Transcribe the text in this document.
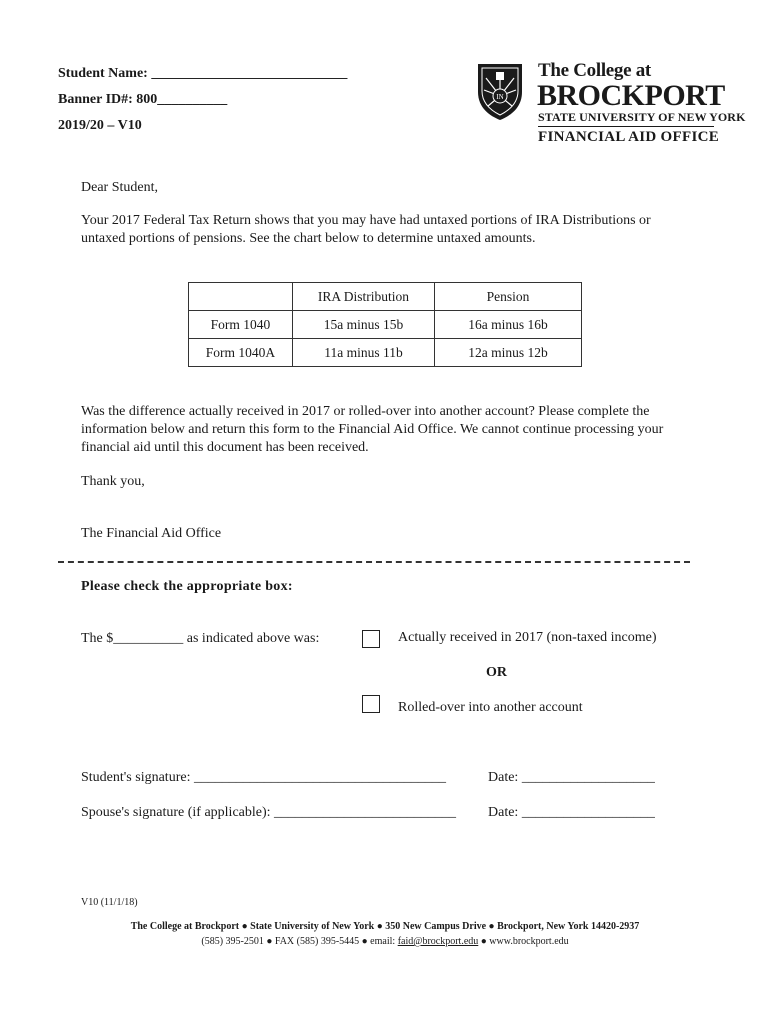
Student Name: ____________________________
Banner ID#: 800__________
2019/20 – V10
IN
The College at
BROCKPORT
STATE UNIVERSITY OF NEW YORK
FINANCIAL AID OFFICE
Dear Student,
Your 2017 Federal Tax Return shows that you may have had untaxed portions of IRA Distributions or untaxed portions of pensions. See the chart below to determine untaxed amounts.
	IRA Distribution	Pension
Form 1040	15a minus 15b	16a minus 16b
Form 1040A	11a minus 11b	12a minus 12b
Was the difference actually received in 2017 or rolled-over into another account? Please complete the information below and return this form to the Financial Aid Office. We cannot continue processing your financial aid until this document has been received.
Thank you,
The Financial Aid Office
Please check the appropriate box:
The $__________ as indicated above was:	Actually received in 2017 (non-taxed income)
OR
Rolled-over into another account
Student's signature: ____________________________________	Date: ___________________
Spouse's signature (if applicable): __________________________ Date: ___________________
V10 (11/1/18)
The College at Brockport ● State University of New York ● 350 New Campus Drive ● Brockport, New York 14420-2937
(585) 395-2501 ● FAX (585) 395-5445 ● email: faid@brockport.edu ● www.brockport.edu
